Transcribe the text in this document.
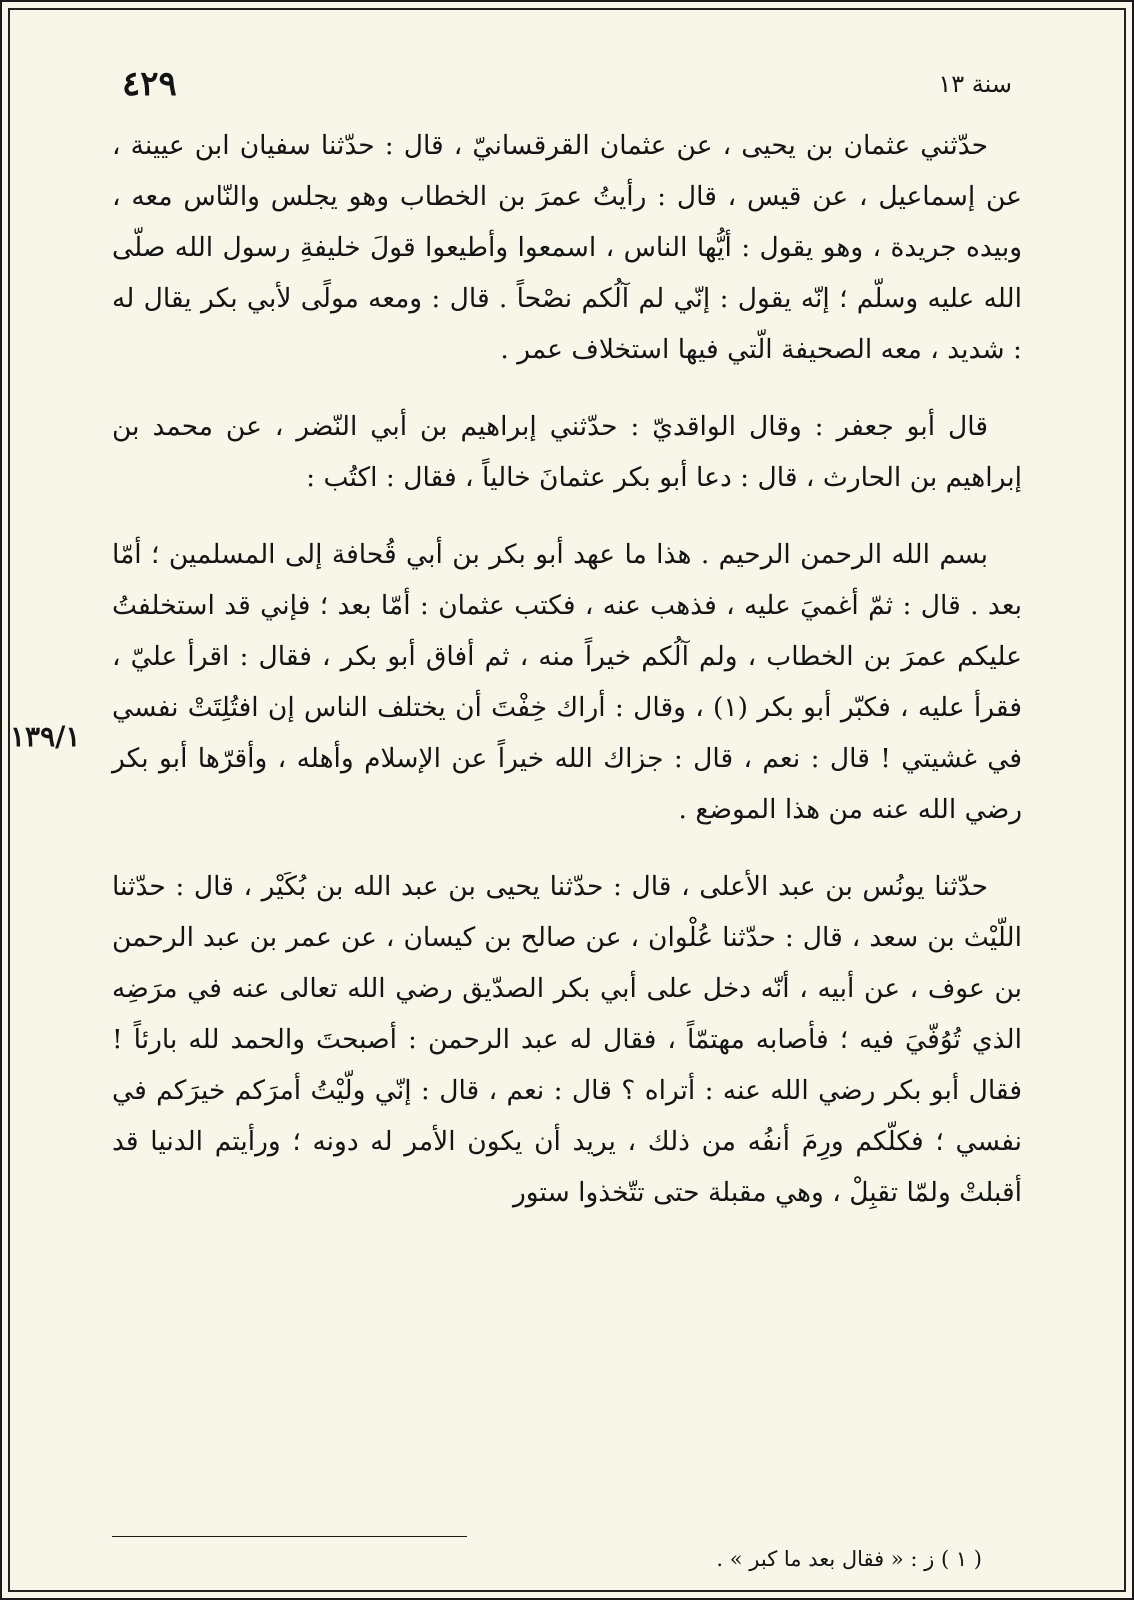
٤٢٩	سنة ١٣

حدّثني عثمان بن يحيى ، عن عثمان القرقسانيّ ، قال : حدّثنا سفيان ابن عيينة ، عن إسماعيل ، عن قيس ، قال : رأيتُ عمرَ بن الخطاب وهو يجلس والنّاس معه ، وبيده جريدة ، وهو يقول : أيُّها الناس ، اسمعوا وأطيعوا قولَ خليفةِ رسول الله صلّى الله عليه وسلّم ؛ إنّه يقول : إنّي لم آلُكم نصْحاً . قال : ومعه مولًى لأبي بكر يقال له : شديد ، معه الصحيفة الّتي فيها استخلاف عمر .

قال أبو جعفر : وقال الواقديّ : حدّثني إبراهيم بن أبي النّضر ، عن محمد بن إبراهيم بن الحارث ، قال : دعا أبو بكر عثمانَ خالياً ، فقال : اكتُب :

بسم الله الرحمن الرحيم . هذا ما عهد أبو بكر بن أبي قُحافة إلى المسلمين ؛ أمّا بعد . قال : ثمّ أغميَ عليه ، فذهب عنه ، فكتب عثمان : أمّا بعد ؛ فإني قد استخلفتُ عليكم عمرَ بن الخطاب ، ولم آلُكم خيراً منه ، ثم أفاق أبو بكر ، فقال : اقرأ عليّ ، فقرأ عليه ، فكبّر أبو بكر (١) ، وقال : أراك خِفْتَ أن يختلف الناس إن افتُلِتَتْ نفسي في غشيتي ! قال : نعم ، قال : جزاك الله خيراً عن الإسلام وأهله ، وأقرّها أبو بكر رضي الله عنه من هذا الموضع .

حدّثنا يونُس بن عبد الأعلى ، قال : حدّثنا يحيى بن عبد الله بن بُكَيْر ، قال : حدّثنا اللّيْث بن سعد ، قال : حدّثنا عُلْوان ، عن صالح بن كيسان ، عن عمر بن عبد الرحمن بن عوف ، عن أبيه ، أنّه دخل على أبي بكر الصدّيق رضي الله تعالى عنه في مرَضِه الذي تُوُفّيَ فيه ؛ فأصابه مهتمّاً ، فقال له عبد الرحمن : أصبحتَ والحمد لله بارئاً ! فقال أبو بكر رضي الله عنه : أتراه ؟ قال : نعم ، قال : إنّي ولّيْتُ أمرَكم خيرَكم في نفسي ؛ فكلّكم ورِمَ أنفُه من ذلك ، يريد أن يكون الأمر له دونه ؛ ورأيتم الدنيا قد أقبلتْ ولمّا تقبِلْ ، وهي مقبلة حتى تتّخذوا ستور

١٣٩/١
( ١ ) ز : « فقال بعد ما كبر » .
